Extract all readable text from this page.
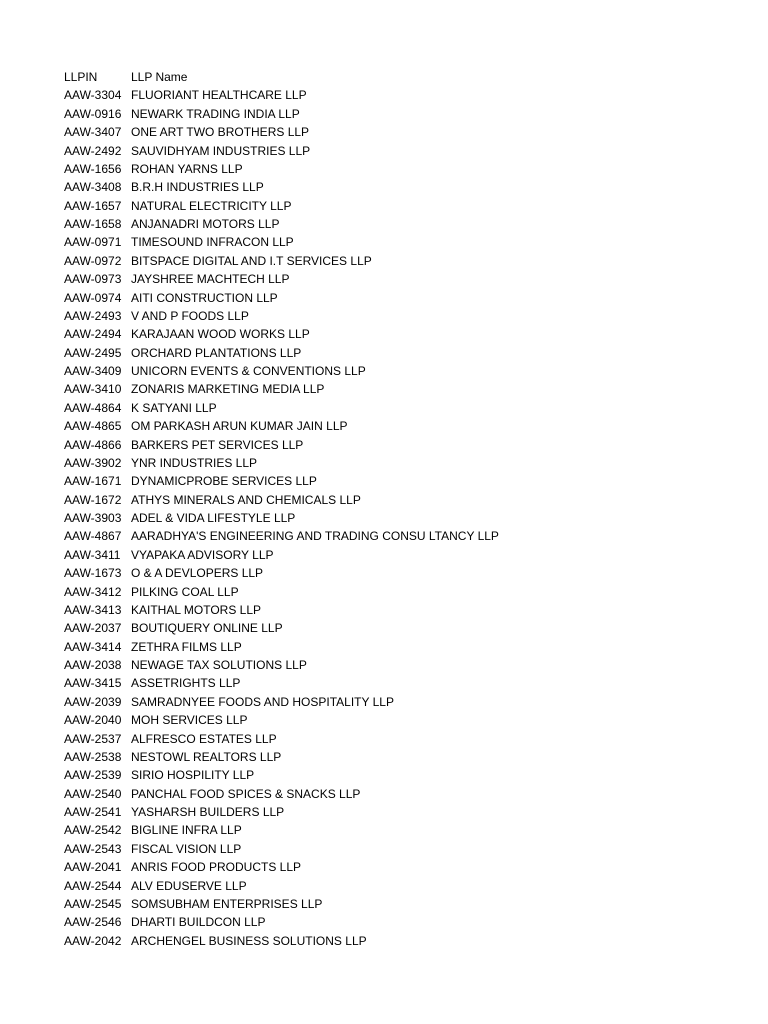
LLPIN	LLP Name
AAW-3304 FLUORIANT HEALTHCARE LLP
AAW-0916 NEWARK TRADING INDIA LLP
AAW-3407 ONE ART TWO BROTHERS LLP
AAW-2492 SAUVIDHYAM INDUSTRIES LLP
AAW-1656 ROHAN YARNS LLP
AAW-3408 B.R.H INDUSTRIES LLP
AAW-1657 NATURAL ELECTRICITY LLP
AAW-1658 ANJANADRI MOTORS LLP
AAW-0971 TIMESOUND INFRACON LLP
AAW-0972 BITSPACE DIGITAL AND I.T SERVICES LLP
AAW-0973 JAYSHREE MACHTECH LLP
AAW-0974 AITI CONSTRUCTION LLP
AAW-2493 V AND P FOODS LLP
AAW-2494 KARAJAAN WOOD WORKS LLP
AAW-2495 ORCHARD PLANTATIONS LLP
AAW-3409 UNICORN EVENTS & CONVENTIONS LLP
AAW-3410 ZONARIS MARKETING MEDIA LLP
AAW-4864 K SATYANI LLP
AAW-4865 OM PARKASH ARUN KUMAR JAIN LLP
AAW-4866 BARKERS PET SERVICES LLP
AAW-3902 YNR INDUSTRIES LLP
AAW-1671 DYNAMICPROBE SERVICES LLP
AAW-1672 ATHYS MINERALS AND CHEMICALS LLP
AAW-3903 ADEL & VIDA LIFESTYLE LLP
AAW-4867 AARADHYA'S ENGINEERING AND TRADING CONSU LTANCY LLP
AAW-3411 VYAPAKA ADVISORY LLP
AAW-1673 O & A DEVLOPERS LLP
AAW-3412 PILKING COAL LLP
AAW-3413 KAITHAL MOTORS LLP
AAW-2037 BOUTIQUERY ONLINE LLP
AAW-3414 ZETHRA FILMS LLP
AAW-2038 NEWAGE TAX SOLUTIONS LLP
AAW-3415 ASSETRIGHTS LLP
AAW-2039 SAMRADNYEE FOODS AND HOSPITALITY LLP
AAW-2040 MOH SERVICES LLP
AAW-2537 ALFRESCO ESTATES LLP
AAW-2538 NESTOWL REALTORS LLP
AAW-2539 SIRIO HOSPILITY LLP
AAW-2540 PANCHAL FOOD SPICES & SNACKS LLP
AAW-2541 YASHARSH BUILDERS LLP
AAW-2542 BIGLINE INFRA LLP
AAW-2543 FISCAL VISION LLP
AAW-2041 ANRIS FOOD PRODUCTS LLP
AAW-2544 ALV EDUSERVE LLP
AAW-2545 SOMSUBHAM ENTERPRISES LLP
AAW-2546 DHARTI BUILDCON LLP
AAW-2042 ARCHENGEL BUSINESS SOLUTIONS LLP
